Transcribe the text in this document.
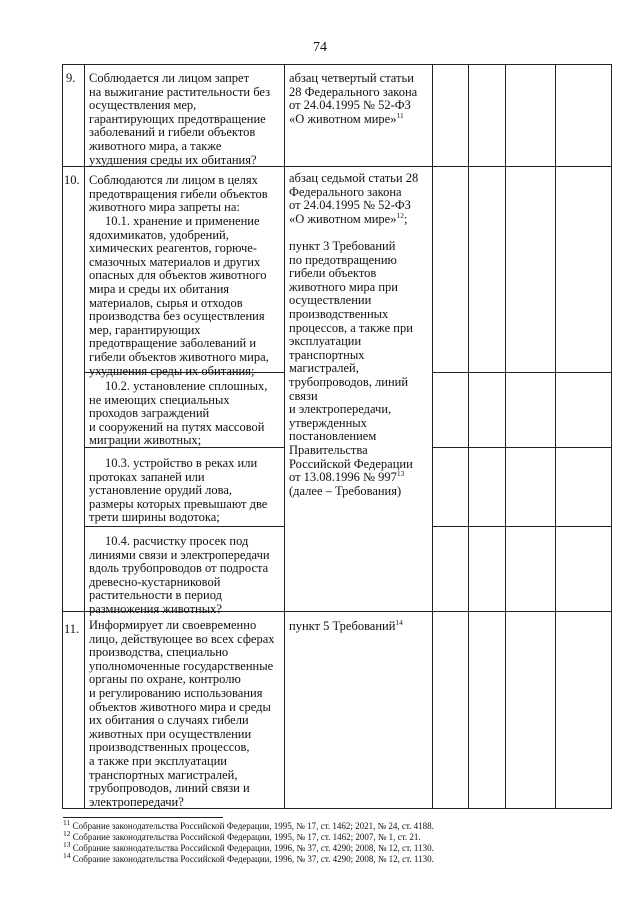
74
9. Соблюдается ли лицом запрет
на выжигание растительности без
осуществления мер,
гарантирующих предотвращение
заболеваний и гибели объектов
животного мира, а также
ухудшения среды их обитания?
абзац четвертый статьи
28 Федерального закона
от 24.04.1995 № 52-ФЗ
«О животном мире»$^{11}$
10. Соблюдаются ли лицом в целях
предотвращения гибели объектов
животного мира запреты на:
10.1. хранение и применение
ядохимикатов, удобрений,
химических реагентов, горюче-
смазочных материалов и других
опасных для объектов животного
мира и среды их обитания
материалов, сырья и отходов
производства без осуществления
мер, гарантирующих
предотвращение заболеваний и
гибели объектов животного мира,
ухудшения среды их обитания;
10.2. установление сплошных,
не имеющих специальных
проходов заграждений
и сооружений на путях массовой
миграции животных;
10.3. устройство в реках или
протоках запаней или
установление орудий лова,
размеры которых превышают две
трети ширины водотока;
10.4. расчистку просек под
линиями связи и электропередачи
вдоль трубопроводов от подроста
древесно-кустарниковой
растительности в период
размножения животных?
абзац седьмой статьи 28
Федерального закона
от 24.04.1995 № 52-ФЗ
«О животном мире»$^{12}$;
пункт 3 Требований
по предотвращению
гибели объектов
животного мира при
осуществлении
производственных
процессов, а также при
эксплуатации
транспортных
магистралей,
трубопроводов, линий
связи
и электропередачи,
утвержденных
постановлением
Правительства
Российской Федерации
от 13.08.1996 № $997^{13}$
(далее – Требования)
11. Информирует ли своевременно
лицо, действующее во всех сферах
производства, специально
уполномоченные государственные
органы по охране, контролю
и регулированию использования
объектов животного мира и среды
их обитания о случаях гибели
животных при осуществлении
производственных процессов,
а также при эксплуатации
транспортных магистралей,
трубопроводов, линий связи и
электропередачи?
пункт 5 Требований$^{14}$
$^{11}$ Собрание законодательства Российской Федерации, 1995, № 17, ст. 1462; 2021, № 24, ст. 4188.
$^{12}$ Собрание законодательства Российской Федерации, 1995, № 17, ст. 1462; 2007, № 1, ст. 21.
$^{13}$ Собрание законодательства Российской Федерации, 1996, № 37, ст. 4290; 2008, № 12, ст. 1130.
$^{14}$ Собрание законодательства Российской Федерации, 1996, № 37, ст. 4290; 2008, № 12, ст. 1130.
